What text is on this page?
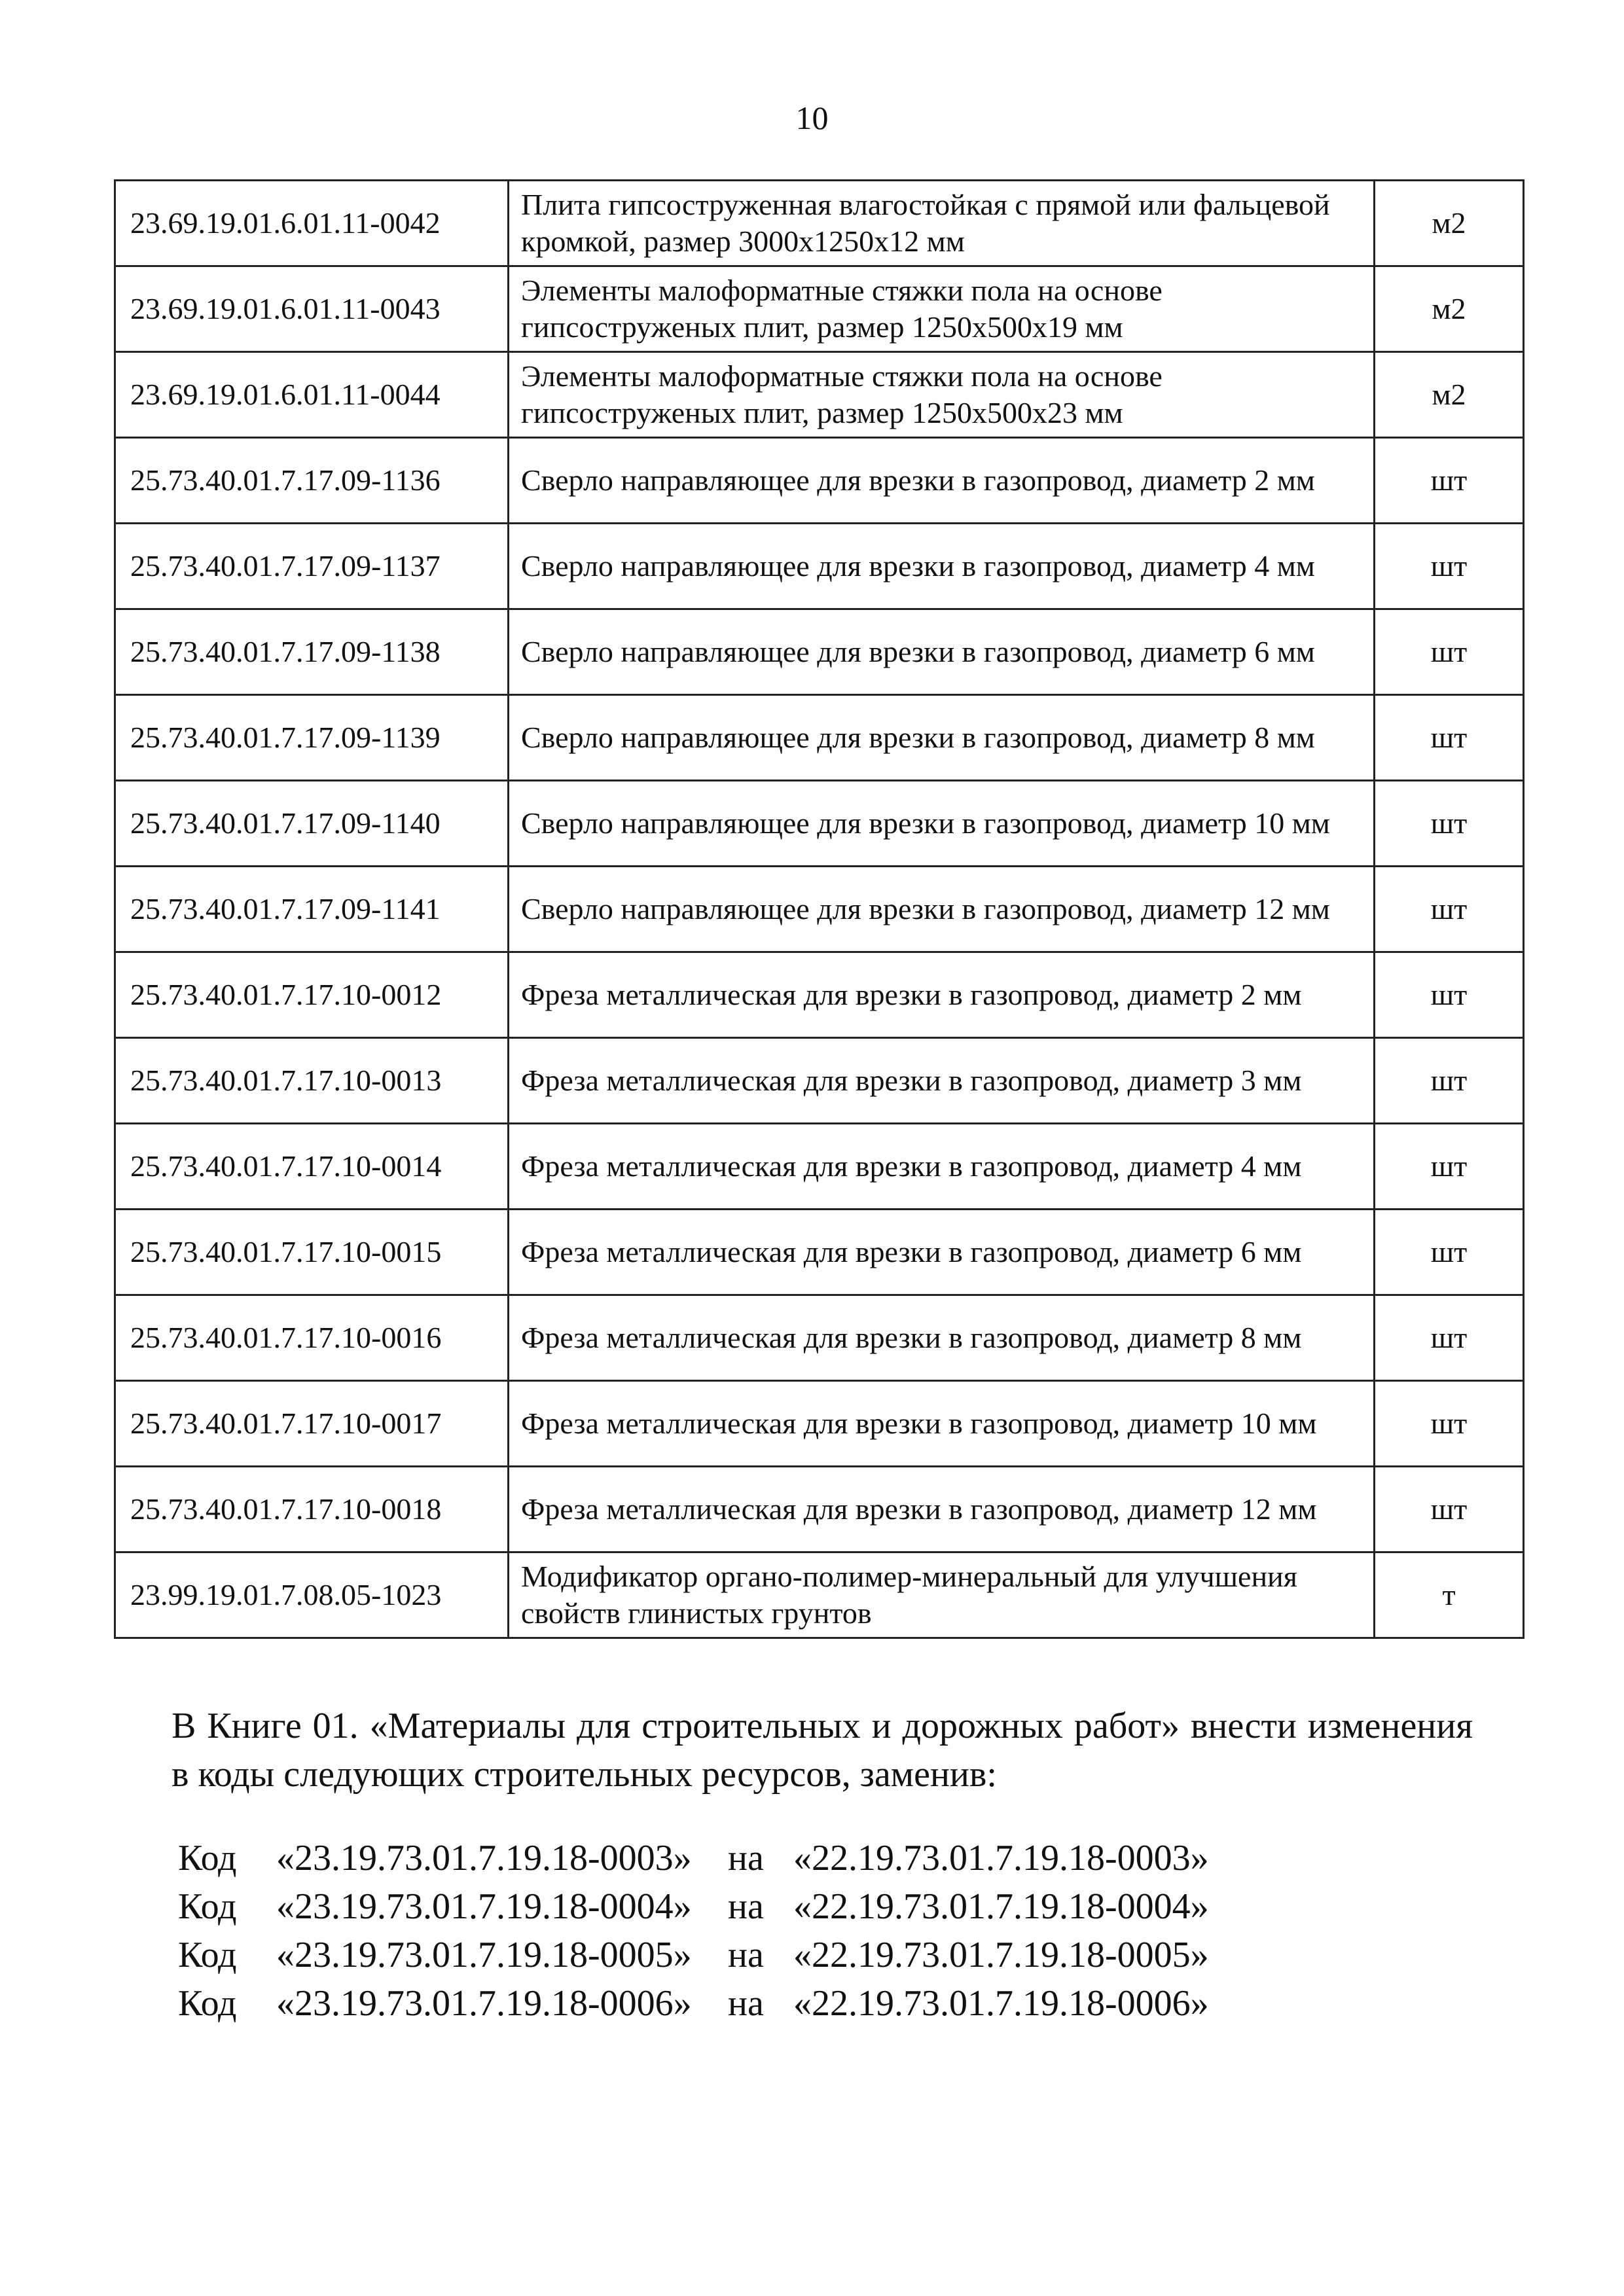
10
23.69.19.01.6.01.11-0042	Плита гипсоструженная влагостойкая с прямой или фальцевой кромкой, размер 3000x1250x12 мм	м2
23.69.19.01.6.01.11-0043	Элементы малоформатные стяжки пола на основе гипсоструженых плит, размер 1250x500x19 мм	м2
23.69.19.01.6.01.11-0044	Элементы малоформатные стяжки пола на основе гипсоструженых плит, размер 1250x500x23 мм	м2
25.73.40.01.7.17.09-1136	Сверло направляющее для врезки в газопровод, диаметр 2 мм	шт
25.73.40.01.7.17.09-1137	Сверло направляющее для врезки в газопровод, диаметр 4 мм	шт
25.73.40.01.7.17.09-1138	Сверло направляющее для врезки в газопровод, диаметр 6 мм	шт
25.73.40.01.7.17.09-1139	Сверло направляющее для врезки в газопровод, диаметр 8 мм	шт
25.73.40.01.7.17.09-1140	Сверло направляющее для врезки в газопровод, диаметр 10 мм	шт
25.73.40.01.7.17.09-1141	Сверло направляющее для врезки в газопровод, диаметр 12 мм	шт
25.73.40.01.7.17.10-0012	Фреза металлическая для врезки в газопровод, диаметр 2 мм	шт
25.73.40.01.7.17.10-0013	Фреза металлическая для врезки в газопровод, диаметр 3 мм	шт
25.73.40.01.7.17.10-0014	Фреза металлическая для врезки в газопровод, диаметр 4 мм	шт
25.73.40.01.7.17.10-0015	Фреза металлическая для врезки в газопровод, диаметр 6 мм	шт
25.73.40.01.7.17.10-0016	Фреза металлическая для врезки в газопровод, диаметр 8 мм	шт
25.73.40.01.7.17.10-0017	Фреза металлическая для врезки в газопровод, диаметр 10 мм	шт
25.73.40.01.7.17.10-0018	Фреза металлическая для врезки в газопровод, диаметр 12 мм	шт
23.99.19.01.7.08.05-1023	Модификатор органо-полимер-минеральный для улучшения свойств глинистых грунтов	т
В Книге 01. «Материалы для строительных и дорожных работ» внести изменения в коды следующих строительных ресурсов, заменив:
Код «23.19.73.01.7.19.18-0003» на «22.19.73.01.7.19.18-0003»
Код «23.19.73.01.7.19.18-0004» на «22.19.73.01.7.19.18-0004»
Код «23.19.73.01.7.19.18-0005» на «22.19.73.01.7.19.18-0005»
Код «23.19.73.01.7.19.18-0006» на «22.19.73.01.7.19.18-0006»
